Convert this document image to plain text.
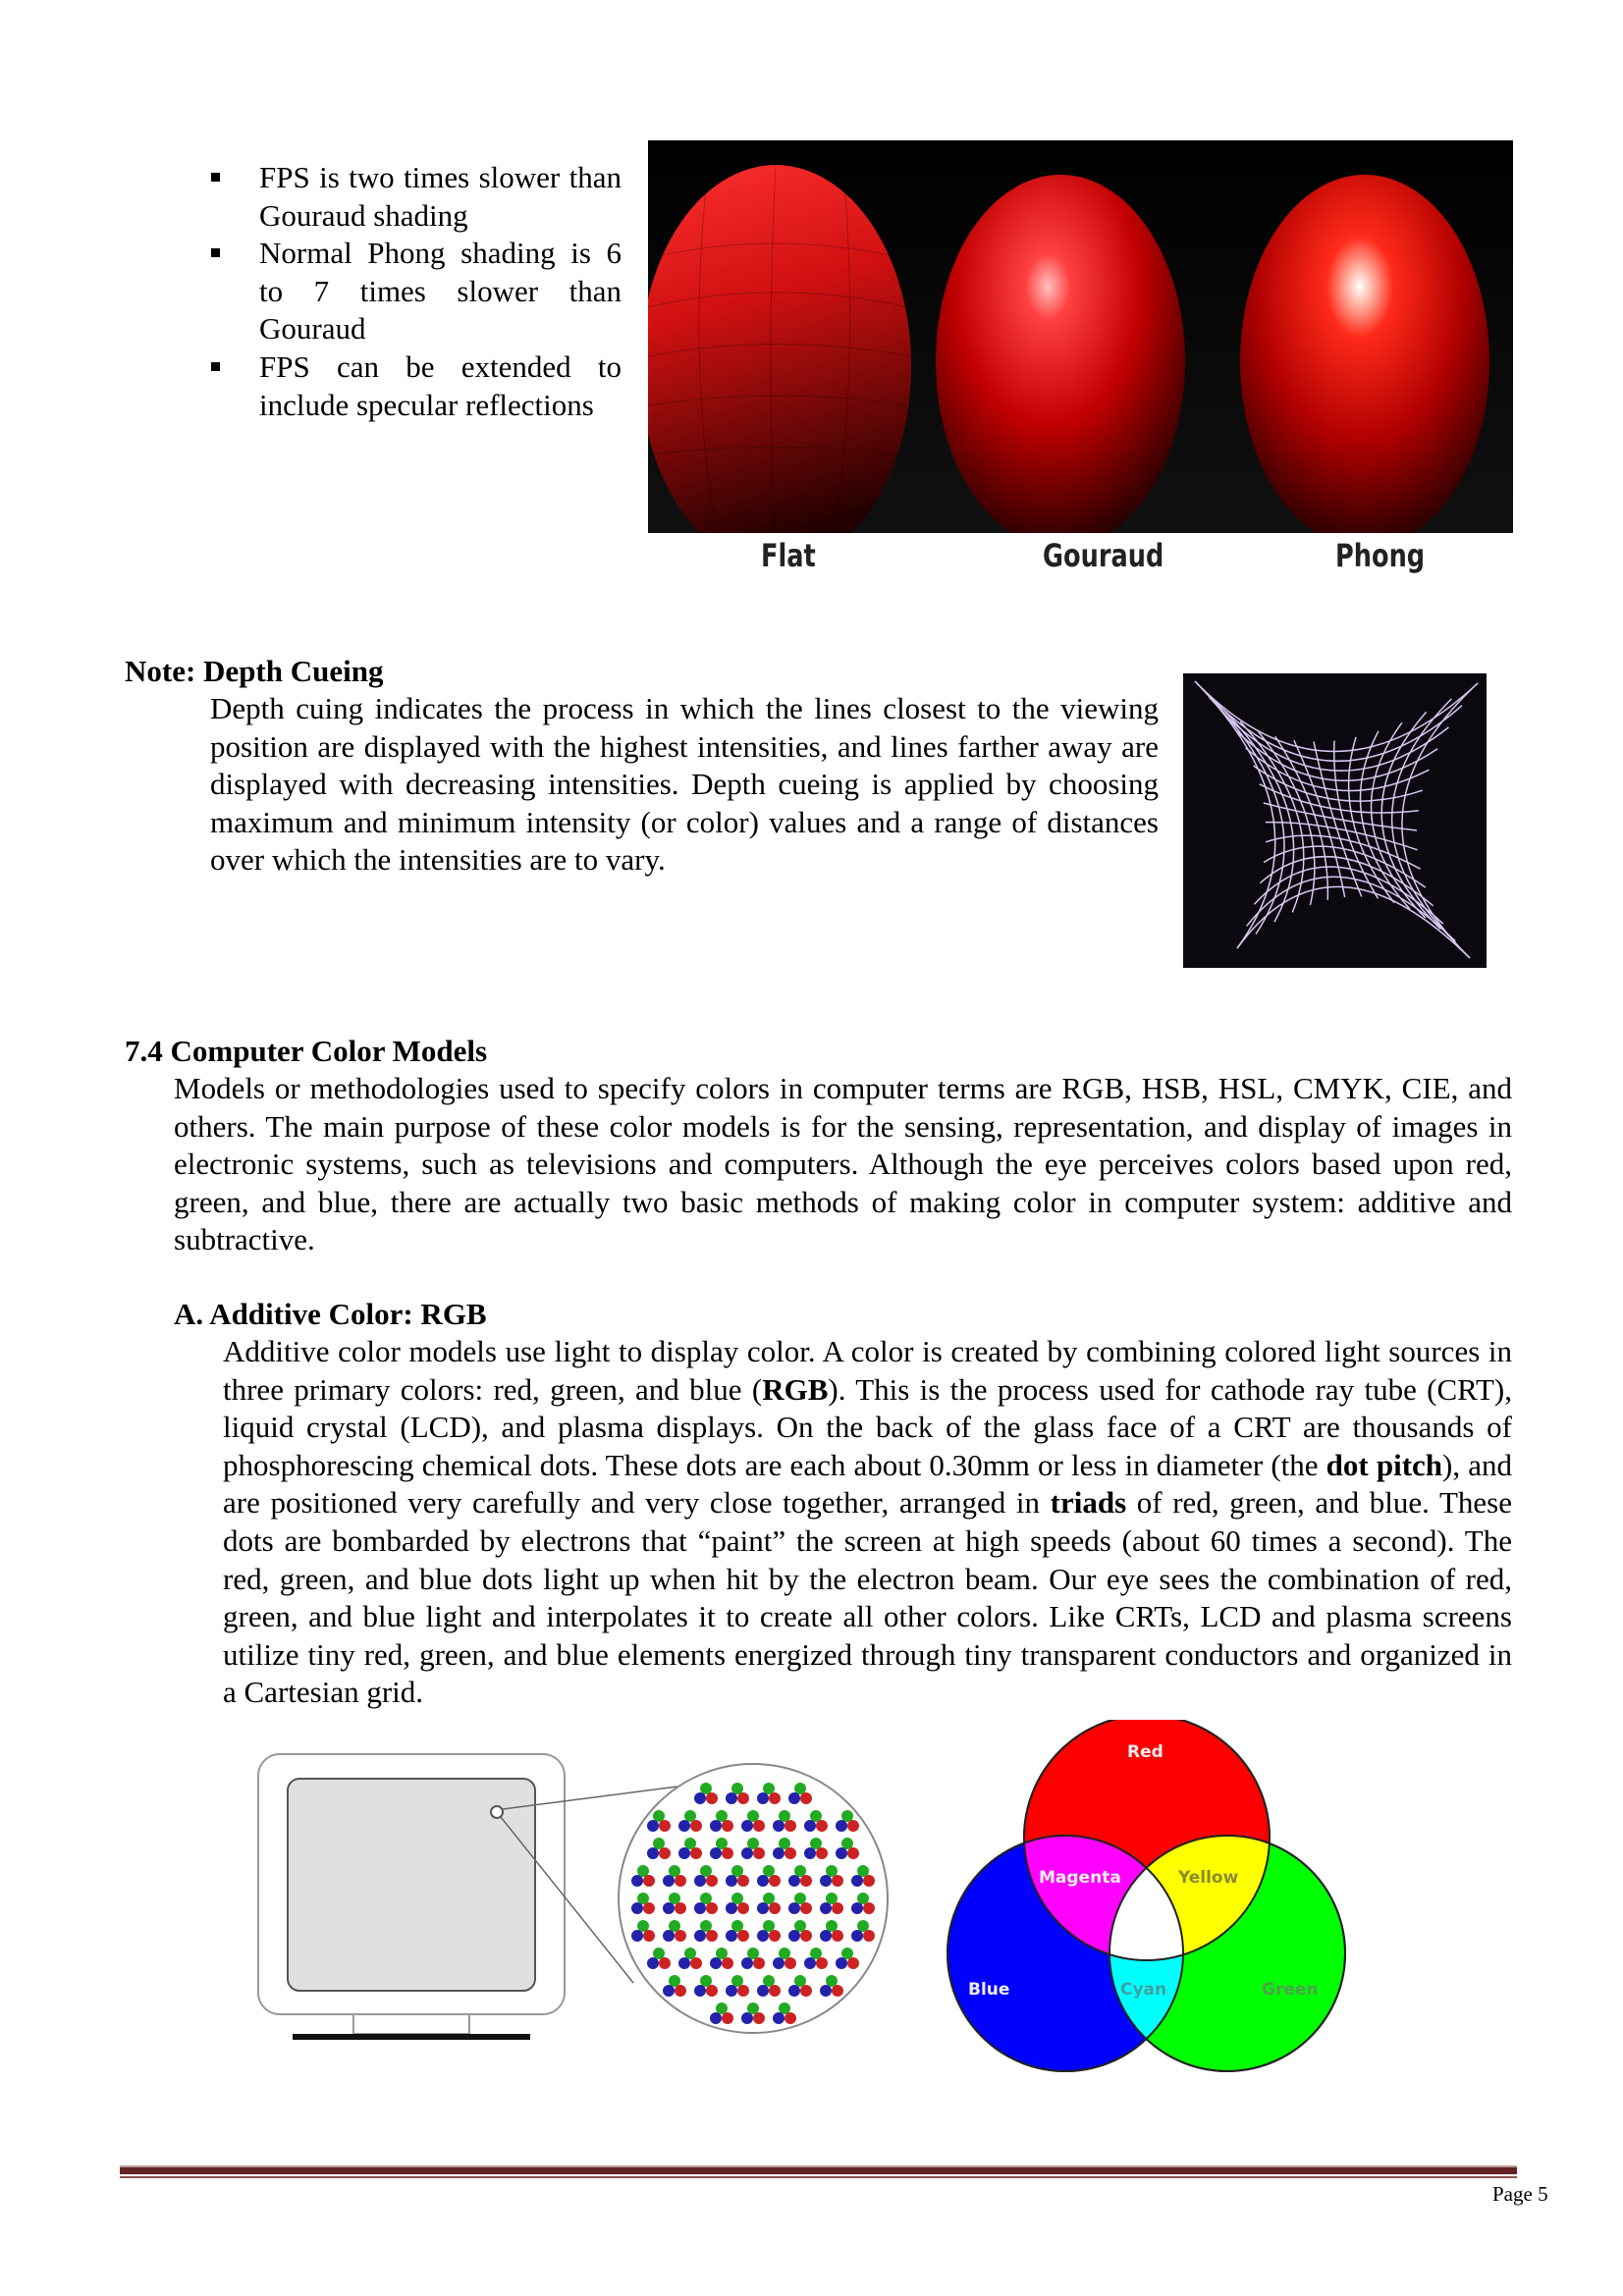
FPS is two times slower than Gouraud shading
Normal Phong shading is 6 to 7 times slower than Gouraud
FPS can be extended to include specular reflections
Flat	Gouraud	Phong
Note: Depth Cueing

Depth cuing indicates the process in which the lines closest to the viewing position are displayed with the highest intensities, and lines farther away are displayed with decreasing intensities. Depth cueing is applied by choosing maximum and minimum intensity (or color) values and a range of distances over which the intensities are to vary.

7.4 Computer Color Models

Models or methodologies used to specify colors in computer terms are RGB, HSB, HSL, CMYK, CIE, and others. The main purpose of these color models is for the sensing, representation, and display of images in electronic systems, such as televisions and computers. Although the eye perceives colors based upon red, green, and blue, there are actually two basic methods of making color in computer system: additive and subtractive.

A. Additive Color: RGB

Additive color models use light to display color. A color is created by combining colored light sources in three primary colors: red, green, and blue (RGB). This is the process used for cathode ray tube (CRT), liquid crystal (LCD), and plasma displays. On the back of the glass face of a CRT are thousands of phosphorescing chemical dots. These dots are each about 0.30mm or less in diameter (the dot pitch), and are positioned very carefully and very close together, arranged in triads of red, green, and blue. These dots are bombarded by electrons that “paint” the screen at high speeds (about 60 times a second). The red, green, and blue dots light up when hit by the electron beam. Our eye sees the combination of red, green, and blue light and interpolates it to create all other colors. Like CRTs, LCD and plasma screens utilize tiny red, green, and blue elements energized through tiny transparent conductors and organized in a Cartesian grid.

Red
Magenta	Yellow
Blue	Cyan	Green
Page 5
